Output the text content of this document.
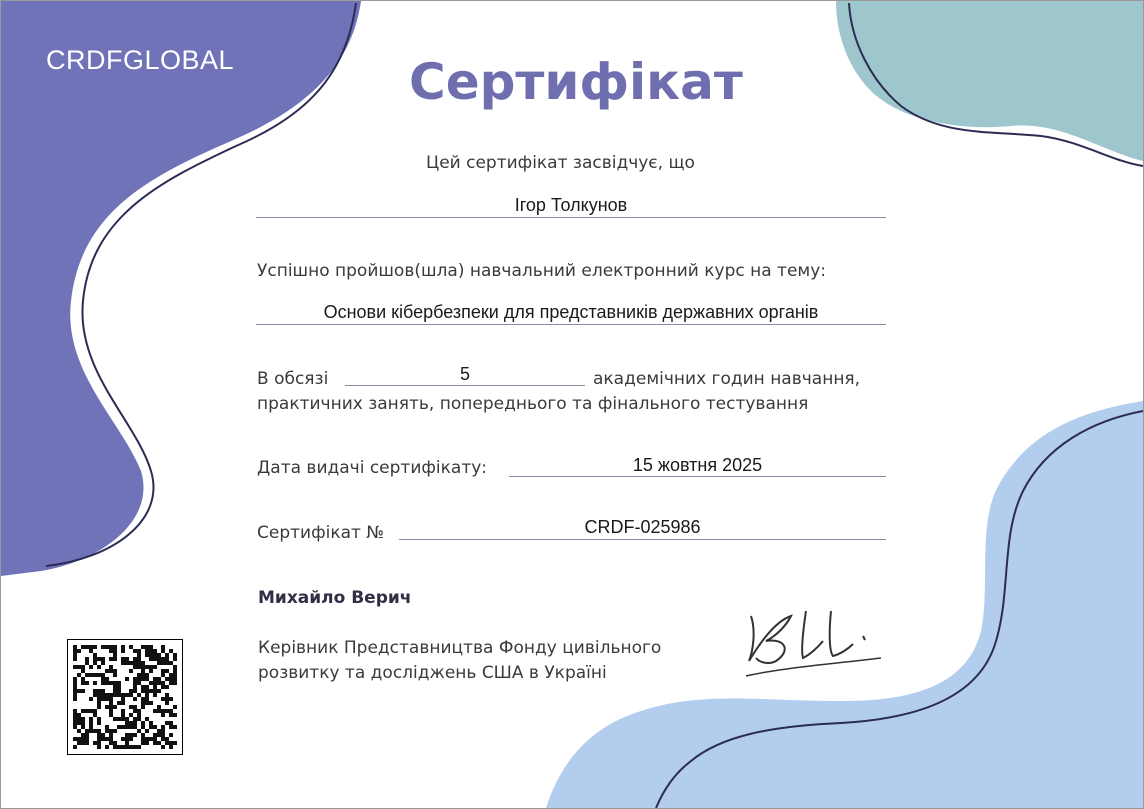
CRDFGLOBAL	Сертифікат
Цей сертифікат засвідчує, що
Ігор Толкунов
Успішно пройшов(шла) навчальний електронний курс на тему:
Основи кібербезпеки для представників державних органів
В обсязі	5	академічних годин навчання,
практичних занять, попереднього та фінального тестування
Дата видачі сертифікату:	15 жовтня 2025
Сертифікат №	CRDF-025986
Михайло Верич
Керівник Представництва Фонду цивільного
розвитку та досліджень США в Україні
